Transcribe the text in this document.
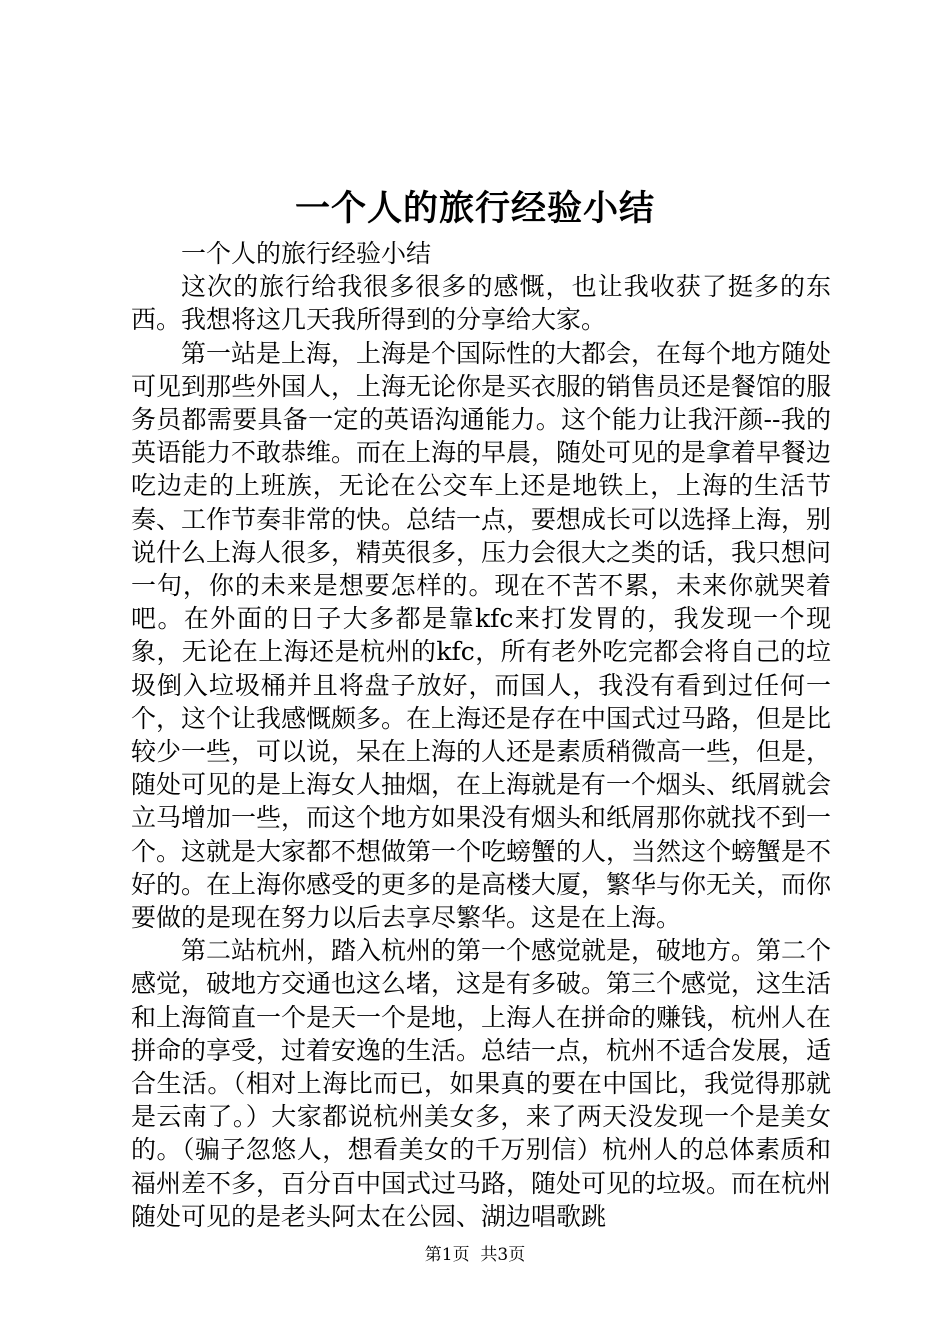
一个人的旅行经验小结

一个人的旅行经验小结

这次的旅行给我很多很多的感慨，也让我收获了挺多的东西。我想将这几天我所得到的分享给大家。

第一站是上海，上海是个国际性的大都会，在每个地方随处可见到那些外国人，上海无论你是买衣服的销售员还是餐馆的服务员都需要具备一定的英语沟通能力。这个能力让我汗颜--我的英语能力不敢恭维。而在上海的早晨，随处可见的是拿着早餐边吃边走的上班族，无论在公交车上还是地铁上，上海的生活节奏、工作节奏非常的快。总结一点，要想成长可以选择上海，别说什么上海人很多，精英很多，压力会很大之类的话，我只想问一句，你的未来是想要怎样的。现在不苦不累，未来你就哭着吧。在外面的日子大多都是靠kfc来打发胃的，我发现一个现象，无论在上海还是杭州的kfc，所有老外吃完都会将自己的垃圾倒入垃圾桶并且将盘子放好，而国人，我没有看到过任何一个，这个让我感慨颇多。在上海还是存在中国式过马路，但是比较少一些，可以说，呆在上海的人还是素质稍微高一些，但是，随处可见的是上海女人抽烟，在上海就是有一个烟头、纸屑就会立马增加一些，而这个地方如果没有烟头和纸屑那你就找不到一个。这就是大家都不想做第一个吃螃蟹的人，当然这个螃蟹是不好的。在上海你感受的更多的是高楼大厦，繁华与你无关，而你要做的是现在努力以后去享尽繁华。这是在上海。

第二站杭州，踏入杭州的第一个感觉就是，破地方。第二个感觉，破地方交通也这么堵，这是有多破。第三个感觉，这生活和上海简直一个是天一个是地，上海人在拼命的赚钱，杭州人在拼命的享受，过着安逸的生活。总结一点，杭州不适合发展，适合生活。（相对上海比而已，如果真的要在中国比，我觉得那就是云南了。）大家都说杭州美女多，来了两天没发现一个是美女的。（骗子忽悠人，想看美女的千万别信）杭州人的总体素质和福州差不多，百分百中国式过马路，随处可见的垃圾。而在杭州随处可见的是老头阿太在公园、湖边唱歌跳

第1页  共3页
